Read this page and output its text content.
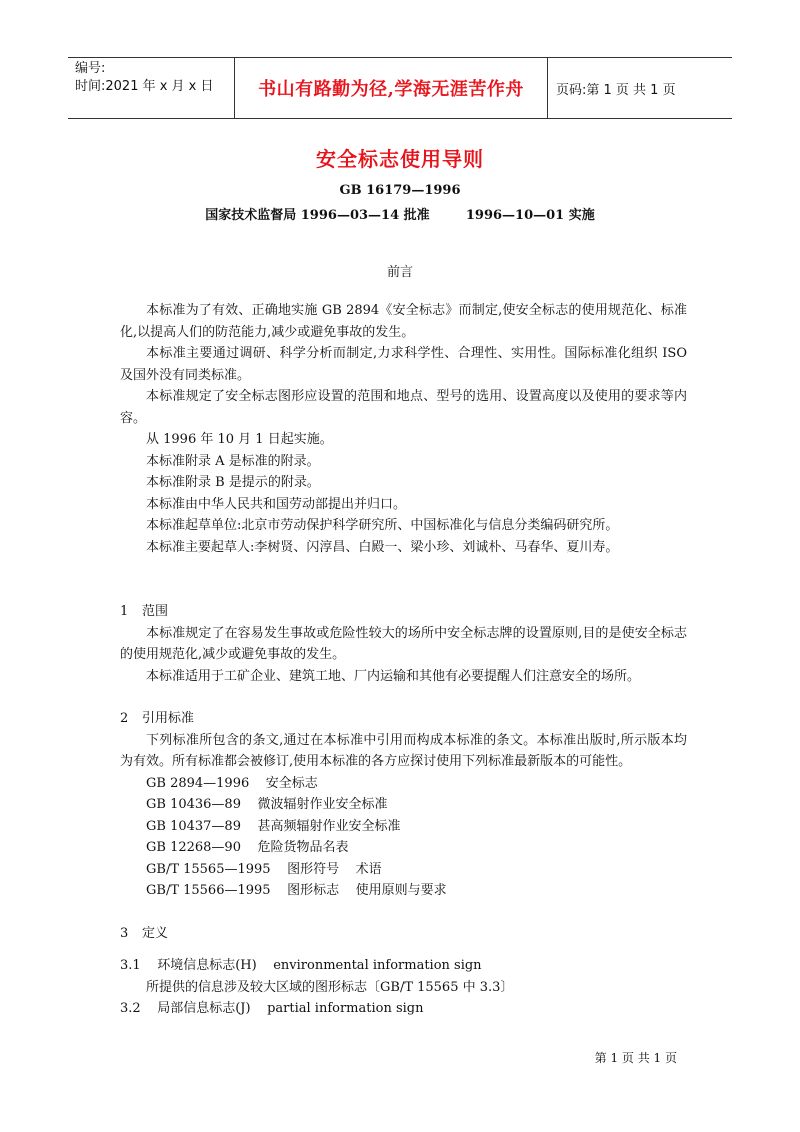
编号:
时间:2021 年 x 月 x 日	书山有路勤为径,学海无涯苦作舟	页码:第 1 页 共 1 页
安全标志使用导则
GB 16179—1996
国家技术监督局 1996—03—14 批准        1996—10—01 实施
前言

本标准为了有效、正确地实施 GB 2894《安全标志》而制定,使安全标志的使用规范化、标准化,以提高人们的防范能力,减少或避免事故的发生。

本标准主要通过调研、科学分析而制定,力求科学性、合理性、实用性。国际标准化组织 ISO 及国外没有同类标准。

本标准规定了安全标志图形应设置的范围和地点、型号的选用、设置高度以及使用的要求等内容。

从 1996 年 10 月 1 日起实施。

本标准附录 A 是标准的附录。

本标准附录 B 是提示的附录。

本标准由中华人民共和国劳动部提出并归口。

本标准起草单位:北京市劳动保护科学研究所、中国标准化与信息分类编码研究所。

本标准主要起草人:李树贤、闪淳昌、白殿一、梁小珍、刘诚朴、马春华、夏川寿。

1 范围

本标准规定了在容易发生事故或危险性较大的场所中安全标志牌的设置原则,目的是使安全标志的使用规范化,减少或避免事故的发生。

本标准适用于工矿企业、建筑工地、厂内运输和其他有必要提醒人们注意安全的场所。

2 引用标准

下列标准所包含的条文,通过在本标准中引用而构成本标准的条文。本标准出版时,所示版本均为有效。所有标准都会被修订,使用本标准的各方应探讨使用下列标准最新版本的可能性。

GB 2894—1996    安全标志

GB 10436—89    微波辐射作业安全标准

GB 10437—89    甚高频辐射作业安全标准

GB 12268—90    危险货物品名表

GB/T 15565—1995    图形符号    术语

GB/T 15566—1995    图形标志    使用原则与要求

3 定义

3.1    环境信息标志(H)    environmental information sign

所提供的信息涉及较大区域的图形标志〔GB/T 15565 中 3.3〕

3.2    局部信息标志(J)    partial information sign

第 1 页 共 1 页
